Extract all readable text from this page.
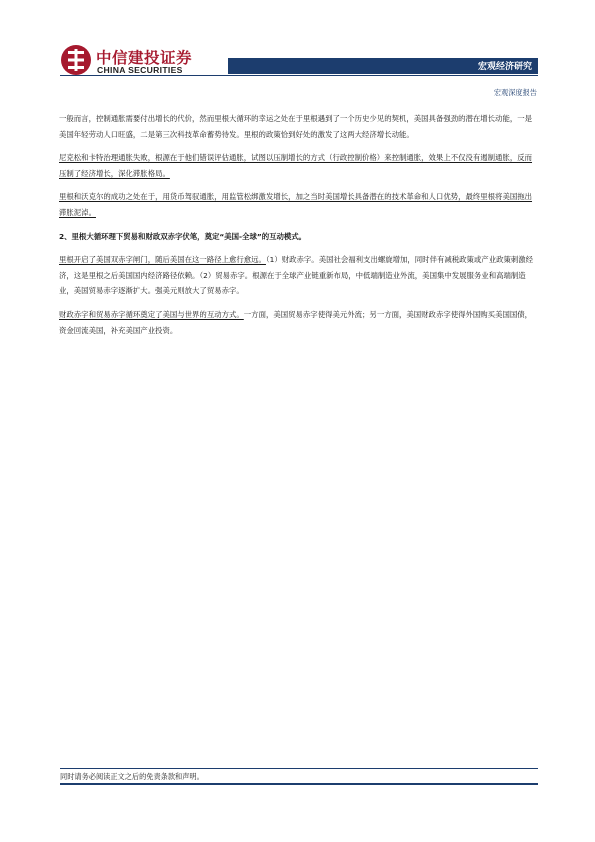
中信建投证券
CHINA SECURITIES	宏观经济研究
宏观深度报告

一般而言，控制通胀需要付出增长的代价，然而里根大循环的幸运之处在于里根遇到了一个历史少见的契机，美国具备强劲的潜在增长动能，一是美国年轻劳动人口旺盛，二是第三次科技革命蓄势待发。里根的政策恰到好处的激发了这两大经济增长动能。

尼克松和卡特治理通胀失败，根源在于他们错误评估通胀，试图以压制增长的方式（行政控制价格）来控制通胀，效果上不仅没有遏制通胀，反而压制了经济增长，深化滞胀格局。

里根和沃克尔的成功之处在于，用货币驾驭通胀，用监管松绑激发增长，加之当时美国增长具备潜在的技术革命和人口优势，最终里根将美国拖出滞胀泥淖。

2、里根大循环理下贸易和财政双赤字伏笔，奠定“美国-全球”的互动模式。

里根开启了美国双赤字闸门，随后美国在这一路径上愈行愈远。（1）财政赤字。美国社会福利支出螺旋增加，同时伴有减税政策或产业政策刺激经济，这是里根之后美国国内经济路径依赖。（2）贸易赤字。根源在于全球产业链重新布局，中低端制造业外流，美国集中发展服务业和高端制造业，美国贸易赤字逐渐扩大。强美元则放大了贸易赤字。

财政赤字和贸易赤字循环奠定了美国与世界的互动方式。一方面，美国贸易赤字使得美元外流；另一方面，美国财政赤字使得外国购买美国国债，资金回流美国，补充美国产业投资。

同时请务必阅读正文之后的免责条款和声明。
